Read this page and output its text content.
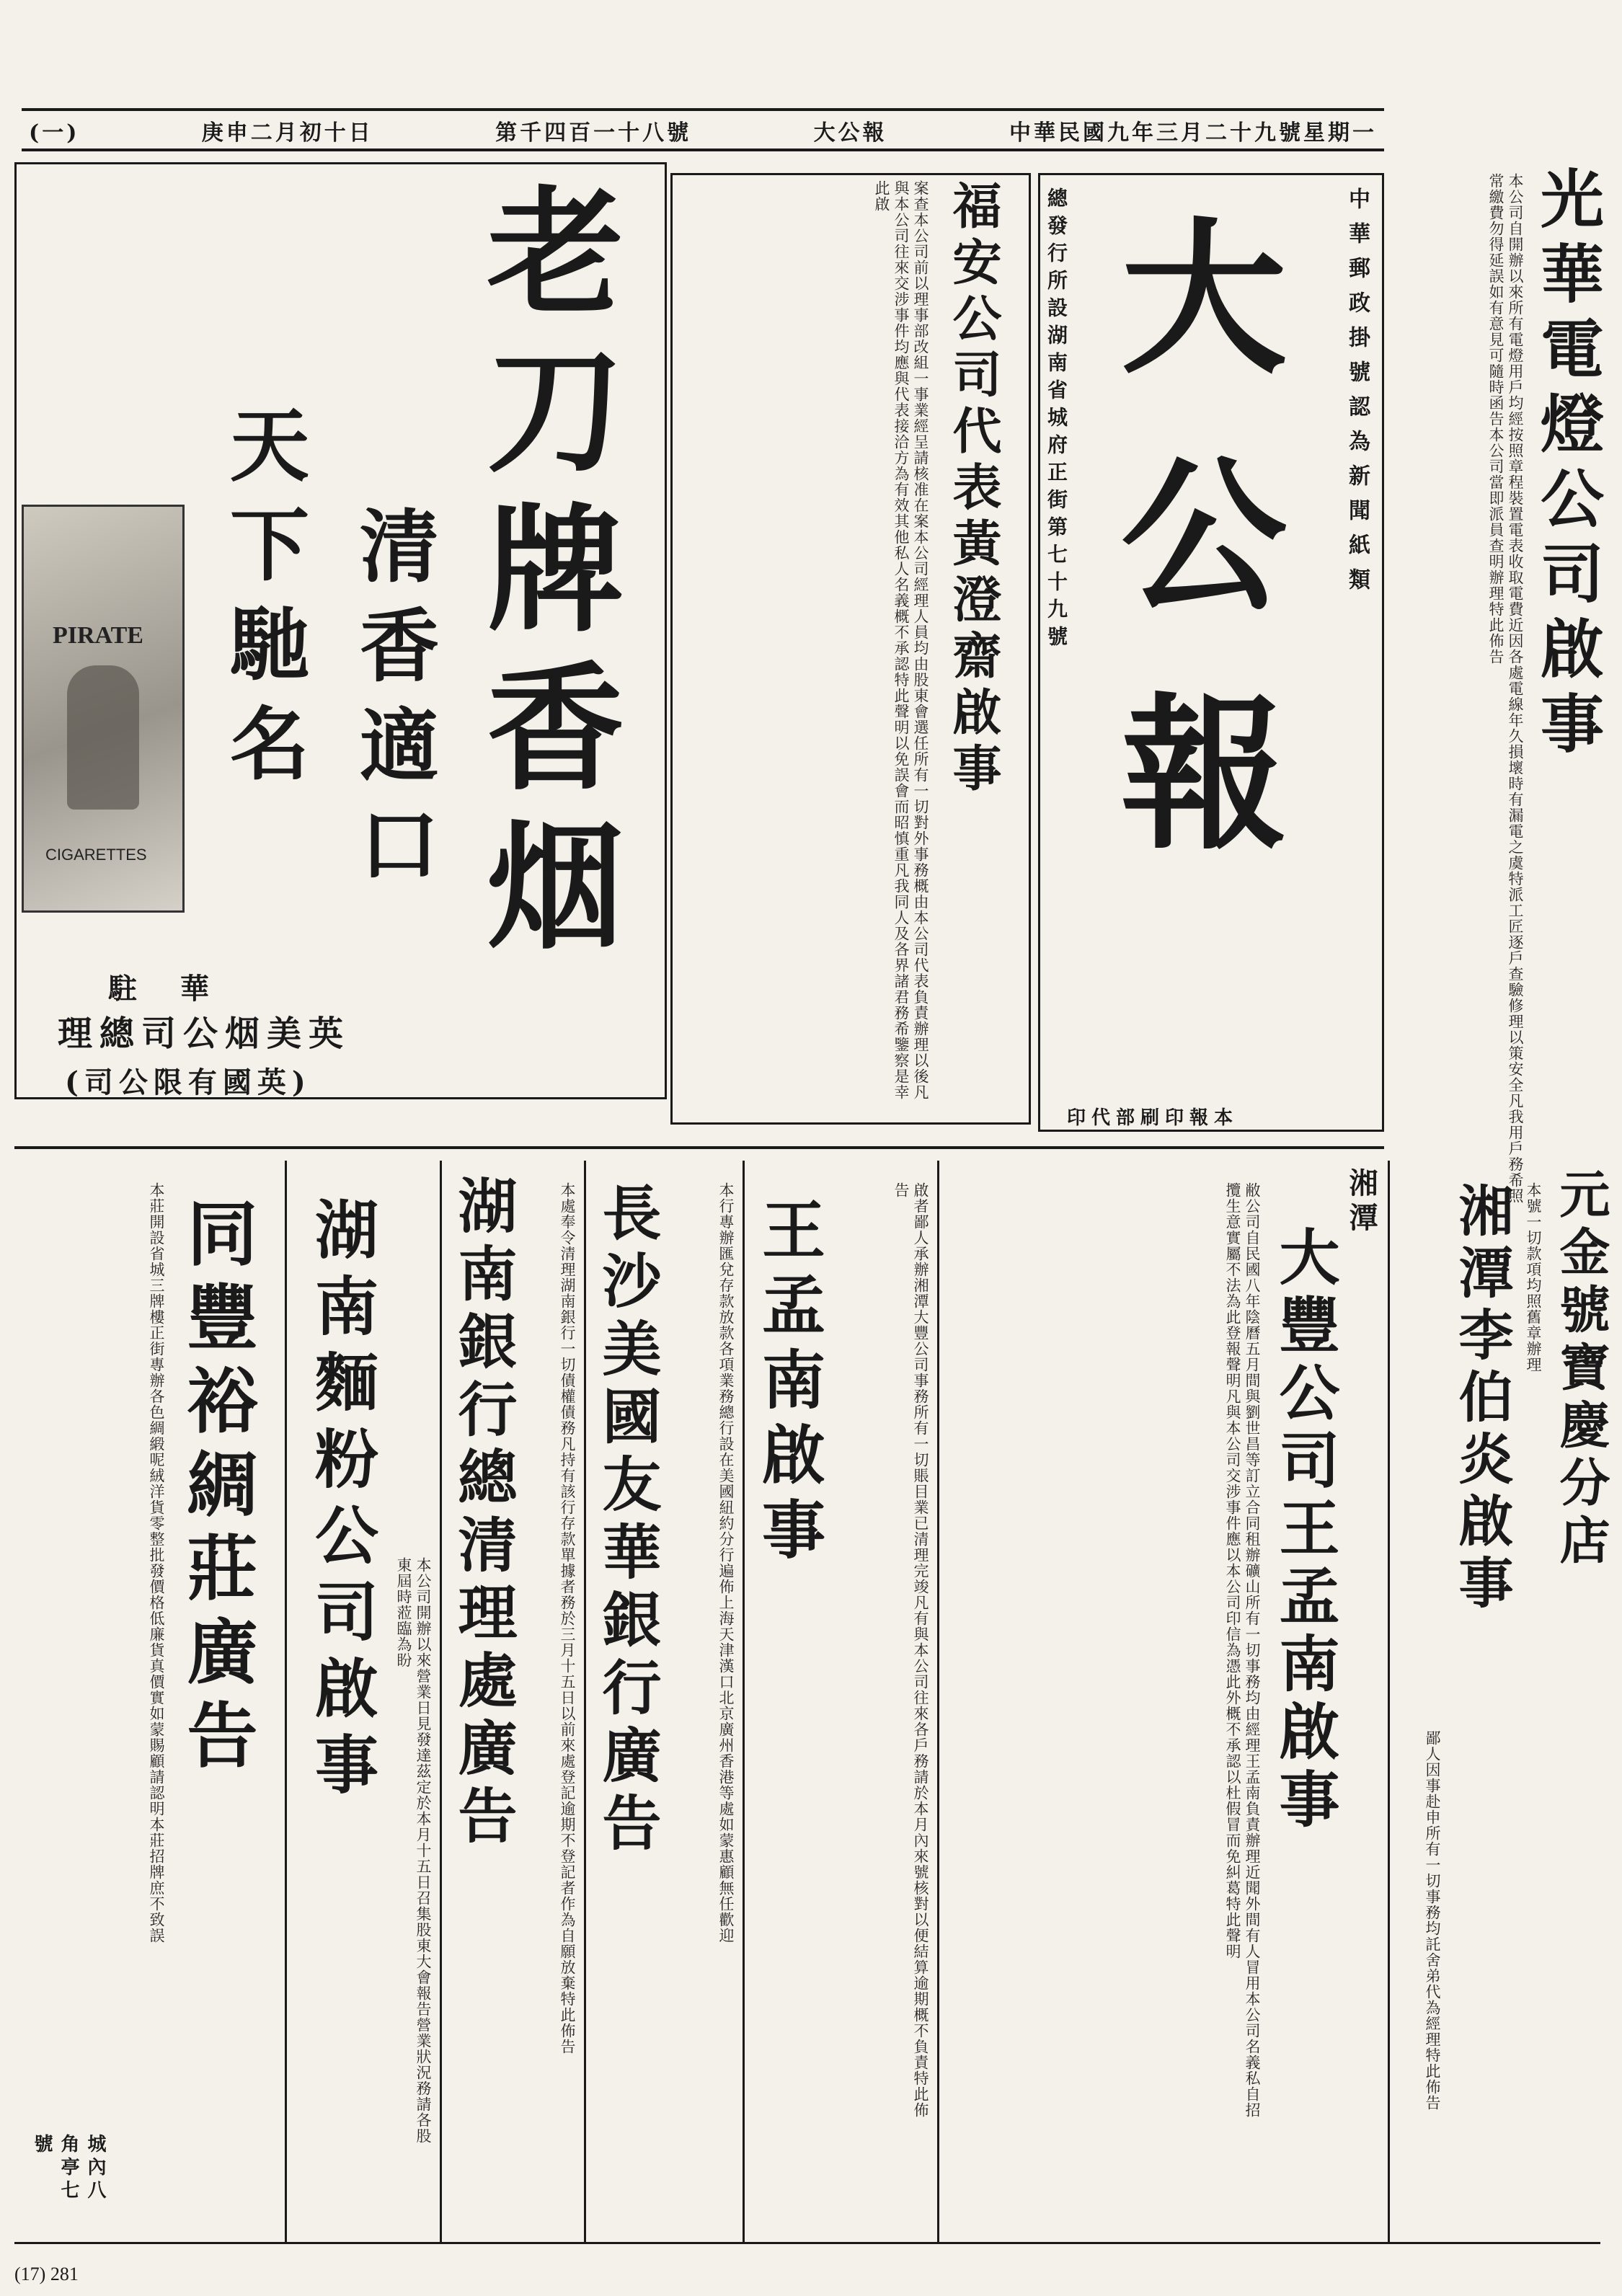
(一)	庚申二月初十日	第千四百一十八號	大公報	中華民國九年三月二十九號星期一
老刀牌香烟
清香適口
天下馳名
PIRATE
CIGARETTES
駐華
英美烟公司總理
(英國有限公司)
福安公司代表黃澄齋啟事
案查本公司前以理事部改組一事業經呈請核准在案本公司經理人員均由股東會選任所有一切對外事務概由本公司代表負責辦理以後凡與本公司往來交涉事件均應與代表接洽方為有效其他私人名義概不承認特此聲明以免誤會而昭慎重凡我同人及各界諸君務希鑒察是幸此啟	中華郵政掛號認為新聞紙類
總發行所設湖南省城府正街第七十九號 大
公
報
本報印刷部代印
光華電燈公司啟事
本公司自開辦以來所有電燈用戶均經按照章程裝置電表收取電費近因各處電線年久損壞時有漏電之虞特派工匠逐戶查驗修理以策安全凡我用戶務希照常繳費勿得延誤如有意見可隨時函告本公司當即派員查明辦理特此佈告
同豐裕綢莊廣告
本莊開設省城三牌樓正街專辦各色綢緞呢絨洋貨零整批發價格低廉貨真價實如蒙賜顧請認明本莊招牌庶不致誤
城內八角亭七號
湖南麵粉公司啟事
本公司開辦以來營業日見發達茲定於本月十五日召集股東大會報告營業狀況務請各股東屆時蒞臨為盼 湖南銀行總清理處廣告	本處奉令清理湖南銀行一切債權債務凡持有該行存款單據者務於三月十五日以前來處登記逾期不登記者作為自願放棄特此佈告 長沙美國友華銀行廣告	本行專辦匯兌存款放款各項業務總行設在美國紐約分行遍佈上海天津漢口北京廣州香港等處如蒙惠顧無任歡迎 王孟南啟事	啟者鄙人承辦湘潭大豐公司事務所有一切賬目業已清理完竣凡有與本公司往來各戶務請於本月內來號核對以便結算逾期概不負責特此佈告	湘潭
大豐公司王孟南啟事
敝公司自民國八年陰曆五月間與劉世昌等訂立合同租辦礦山所有一切事務均由經理王孟南負責辦理近聞外間有人冒用本公司名義私自招攬生意實屬不法為此登報聲明凡與本公司交涉事件應以本公司印信為憑此外概不承認以杜假冒而免糾葛特此聲明	元金號寶慶分店
本號一切款項均照舊章辦理
湘潭李伯炎啟事
鄙人因事赴申所有一切事務均託舍弟代為經理特此佈告
(17) 281
